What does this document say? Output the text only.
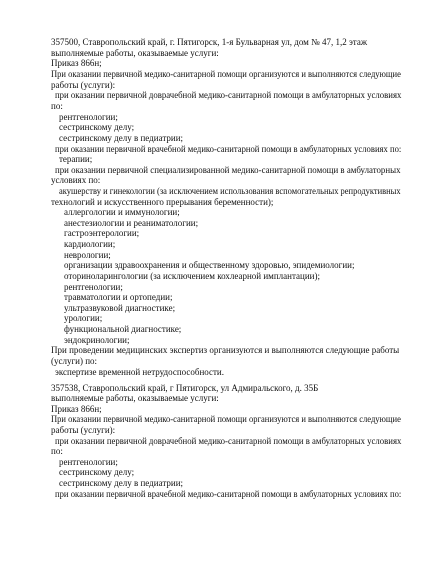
357500, Ставропольский край, г. Пятигорск, 1-я Бульварная ул, дом № 47, 1,2 этаж
выполняемые работы, оказываемые услуги:
Приказ 866н;
При оказании первичной медико-санитарной помощи организуются и выполняются следующие
работы (услуги):
при оказании первичной доврачебной медико-санитарной помощи в амбулаторных условиях
по:
рентгенологии;
сестринскому делу;
сестринскому делу в педиатрии;
при оказании первичной врачебной медико-санитарной помощи в амбулаторных условиях по:
терапии;
при оказании первичной специализированной медико-санитарной помощи в амбулаторных
условиях по:
акушерству и гинекологии (за исключением использования вспомогательных репродуктивных
технологий и искусственного прерывания беременности);
аллергологии и иммунологии;
анестезиологии и реаниматологии;
гастроэнтерологии;
кардиологии;
неврологии;
организации здравоохранения и общественному здоровью, эпидемиологии;
оториноларингологии (за исключением кохлеарной имплантации);
рентгенологии;
травматологии и ортопедии;
ультразвуковой диагностике;
урологии;
функциональной диагностике;
эндокринологии;
При проведении медицинских экспертиз организуются и выполняются следующие работы
(услуги) по:
экспертизе временной нетрудоспособности.
357538, Ставропольский край, г Пятигорск, ул Адмиральского, д. 35Б
выполняемые работы, оказываемые услуги:
Приказ 866н;
При оказании первичной медико-санитарной помощи организуются и выполняются следующие
работы (услуги):
при оказании первичной доврачебной медико-санитарной помощи в амбулаторных условиях
по:
рентгенологии;
сестринскому делу;
сестринскому делу в педиатрии;
при оказании первичной врачебной медико-санитарной помощи в амбулаторных условиях по:
